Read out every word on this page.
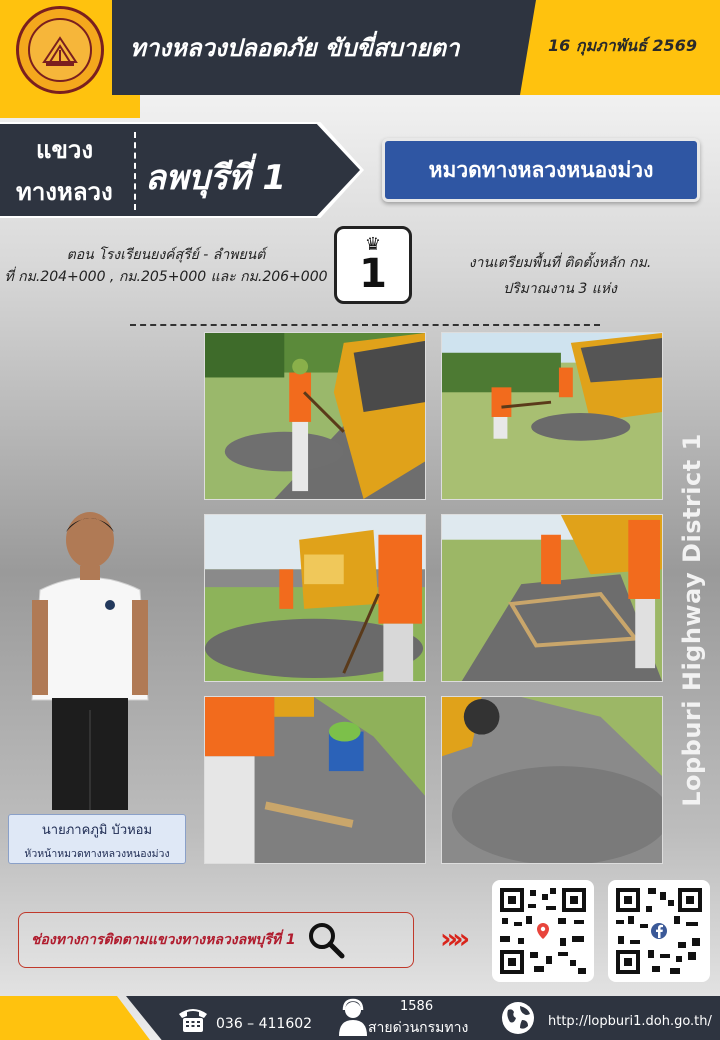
ทางหลวงปลอดภัย ขับขี่สบายตา	16 กุมภาพันธ์ 2569
แขวง
ทางหลวง ลพบุรีที่ 1	หมวดทางหลวงหนองม่วง
ตอน โรงเรียนยงค์สุรีย์ - ลำพยนต์
ที่ กม.204+000 , กม.205+000 และ กม.206+000
♛
1	งานเตรียมพื้นที่ ติดตั้งหลัก กม.
ปริมาณงาน 3 แห่ง
นายภาคภูมิ บัวหอม
หัวหน้าหมวดทางหลวงหนองม่วง
Lopburi Highway District 1
ช่องทางการติดตามแขวงทางหลวงลพบุรีที่ 1	»»
036 – 411602
1586
สายด่วนกรมทาง	http://lopburi1.doh.go.th/
